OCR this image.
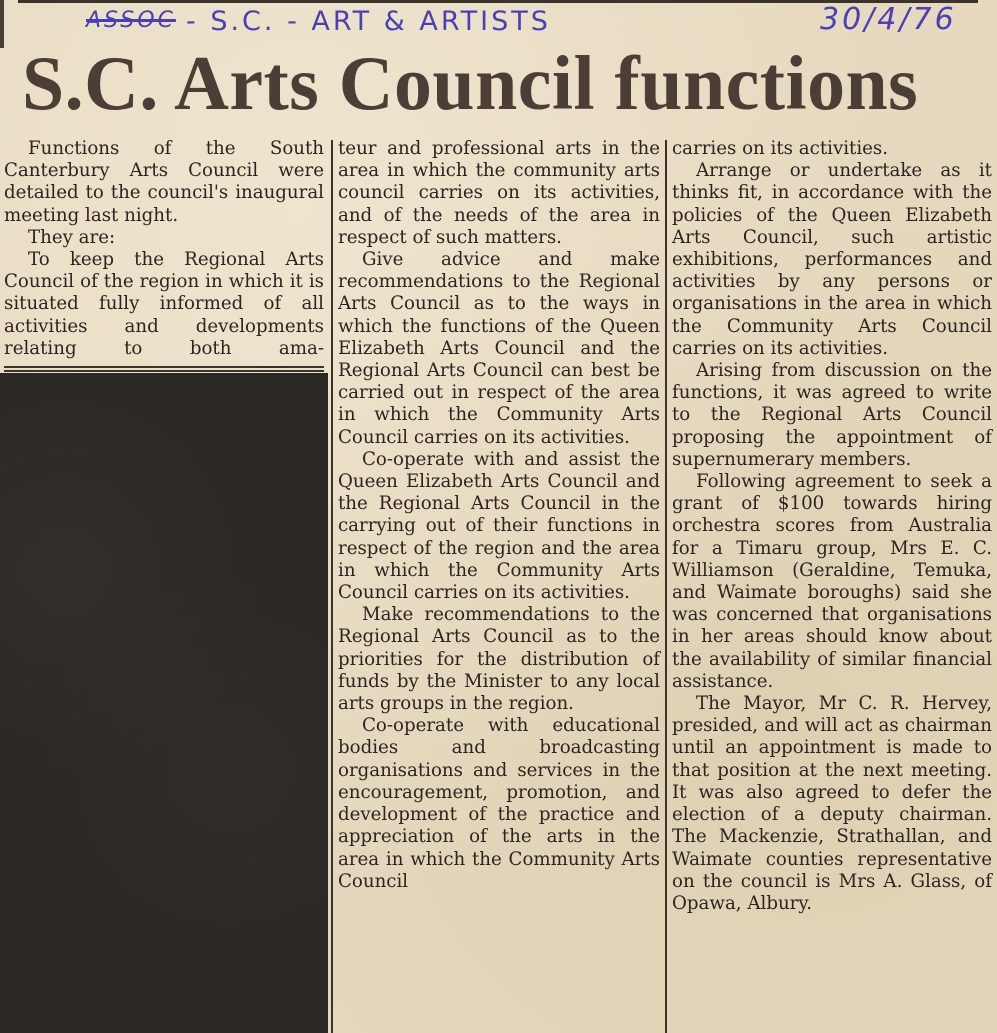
ASSOC - S.C. - ART & ARTISTS	30/4/76
S.C. Arts Council functions

Functions of the South Canterbury Arts Council were detailed to the council's inaugural meeting last night.

They are:

To keep the Regional Arts Council of the region in which it is situated fully informed of all activities and developments relating to both ama-

teur and professional arts in the area in which the community arts council carries on its activities, and of the needs of the area in respect of such matters.

Give advice and make recommendations to the Regional Arts Council as to the ways in which the functions of the Queen Elizabeth Arts Council and the Regional Arts Council can best be carried out in respect of the area in which the Community Arts Council carries on its activities.

Co-operate with and assist the Queen Elizabeth Arts Council and the Regional Arts Council in the carrying out of their functions in respect of the region and the area in which the Community Arts Council carries on its activities.

Make recommendations to the Regional Arts Council as to the priorities for the distribution of funds by the Minister to any local arts groups in the region.

Co-operate with educational bodies and broadcasting organisations and services in the encouragement, promotion, and development of the practice and appreciation of the arts in the area in which the Community Arts Council

carries on its activities.

Arrange or undertake as it thinks fit, in accordance with the policies of the Queen Elizabeth Arts Council, such artistic exhibitions, performances and activities by any persons or organisations in the area in which the Community Arts Council carries on its activities.

Arising from discussion on the functions, it was agreed to write to the Regional Arts Council proposing the appointment of supernumerary members.

Following agreement to seek a grant of $100 towards hiring orchestra scores from Australia for a Timaru group, Mrs E. C. Williamson (Geraldine, Temuka, and Waimate boroughs) said she was concerned that organisations in her areas should know about the availability of similar financial assistance.

The Mayor, Mr C. R. Hervey, presided, and will act as chairman until an appointment is made to that position at the next meeting. It was also agreed to defer the election of a deputy chairman. The Mackenzie, Strathallan, and Waimate counties representative on the council is Mrs A. Glass, of Opawa, Albury.
